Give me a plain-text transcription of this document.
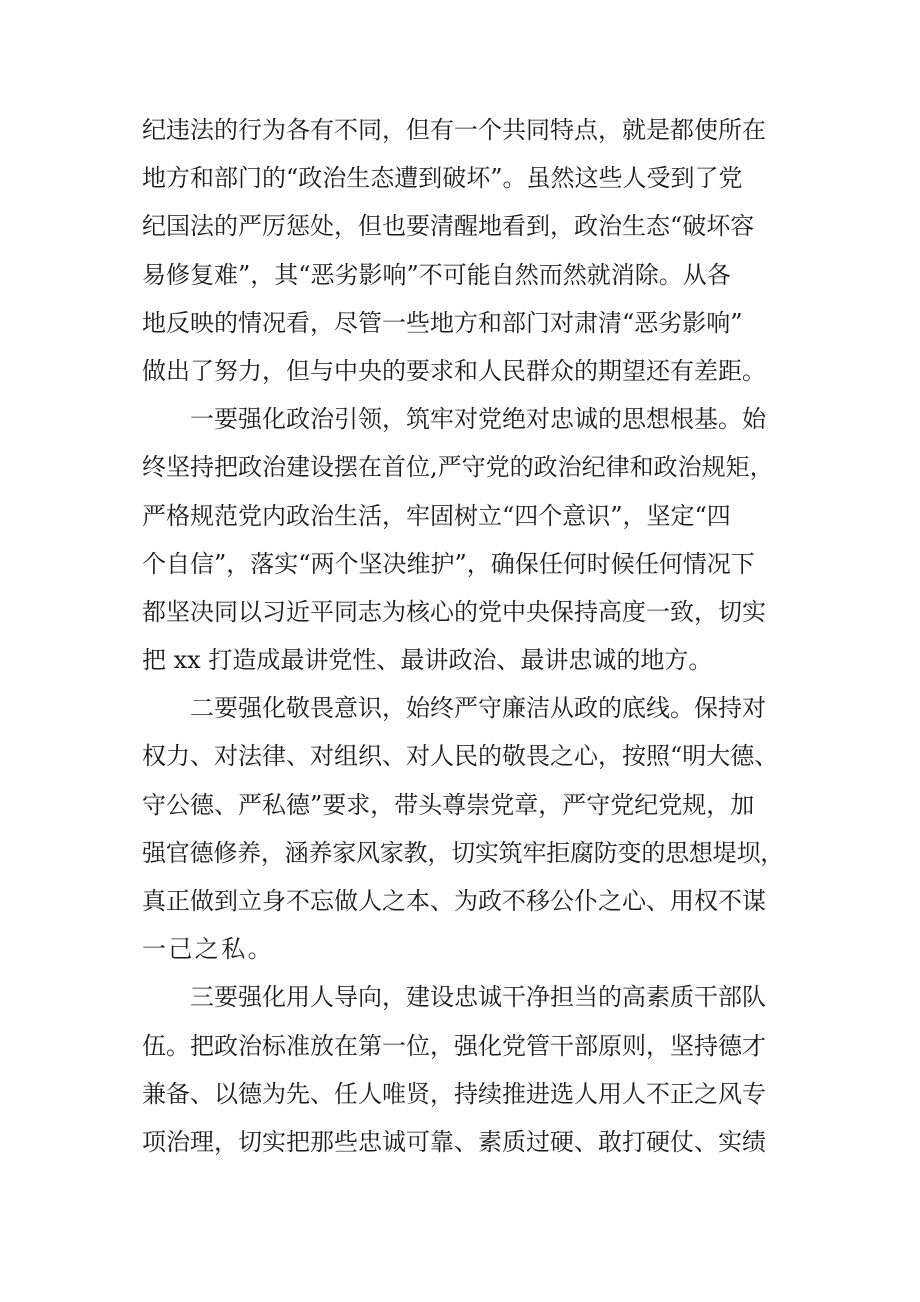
纪违法的行为各有不同，但有一个共同特点，就是都使所在
地方和部门的“政治生态遭到破坏”。虽然这些人受到了党
纪国法的严厉惩处，但也要清醒地看到，政治生态“破坏容
易修复难”，其“恶劣影响”不可能自然而然就消除。从各
地反映的情况看，尽管一些地方和部门对肃清“恶劣影响”
做出了努力，但与中央的要求和人民群众的期望还有差距。
一要强化政治引领，筑牢对党绝对忠诚的思想根基。始
终坚持把政治建设摆在首位,严守党的政治纪律和政治规矩，
严格规范党内政治生活，牢固树立“四个意识”，坚定“四
个自信”，落实“两个坚决维护”，确保任何时候任何情况下
都坚决同以习近平同志为核心的党中央保持高度一致，切实
把 xx 打造成最讲党性、最讲政治、最讲忠诚的地方。
二要强化敬畏意识，始终严守廉洁从政的底线。保持对
权力、对法律、对组织、对人民的敬畏之心，按照“明大德、
守公德、严私德”要求，带头尊崇党章，严守党纪党规，加
强官德修养，涵养家风家教，切实筑牢拒腐防变的思想堤坝，
真正做到立身不忘做人之本、为政不移公仆之心、用权不谋
一己之私。
三要强化用人导向，建设忠诚干净担当的高素质干部队
伍。把政治标准放在第一位，强化党管干部原则，坚持德才
兼备、以德为先、任人唯贤，持续推进选人用人不正之风专
项治理，切实把那些忠诚可靠、素质过硬、敢打硬仗、实绩
